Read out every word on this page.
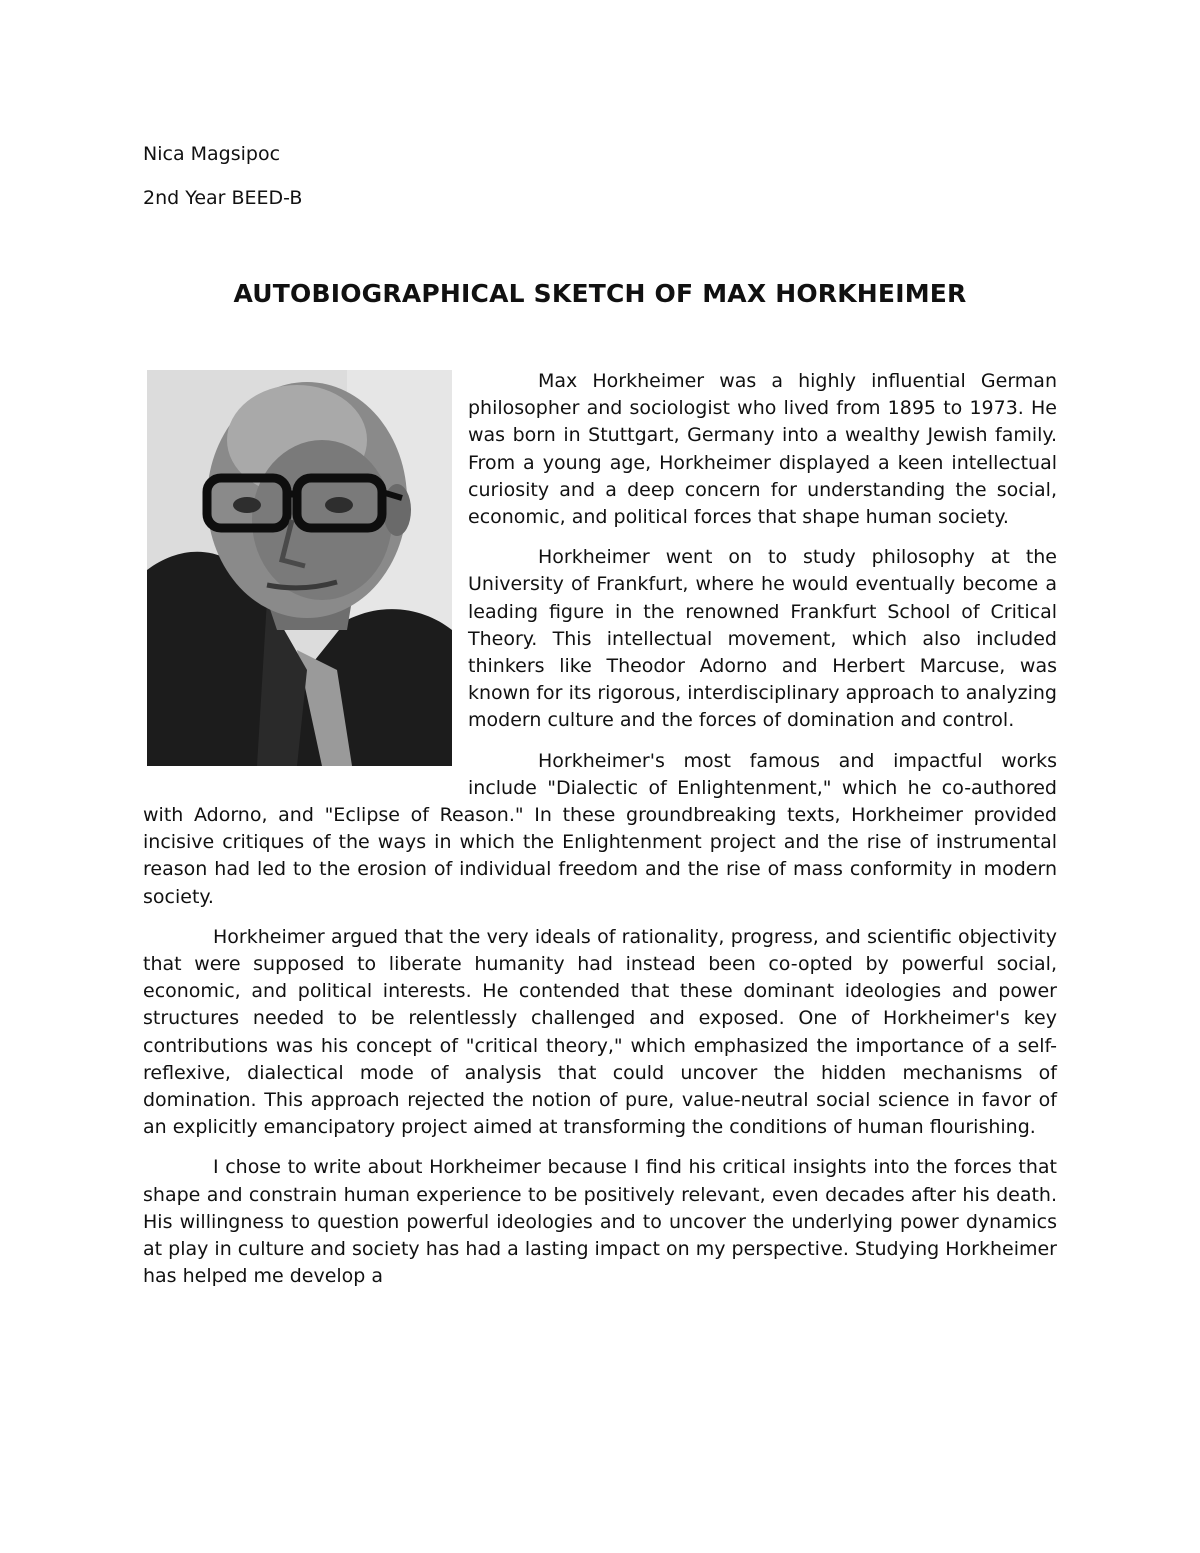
Nica Magsipoc
2nd Year BEED-B
AUTOBIOGRAPHICAL SKETCH OF MAX HORKHEIMER

Max Horkheimer was a highly influential German philosopher and sociologist who lived from 1895 to 1973. He was born in Stuttgart, Germany into a wealthy Jewish family. From a young age, Horkheimer displayed a keen intellectual curiosity and a deep concern for understanding the social, economic, and political forces that shape human society.

Horkheimer went on to study philosophy at the University of Frankfurt, where he would eventually become a leading figure in the renowned Frankfurt School of Critical Theory. This intellectual movement, which also included thinkers like Theodor Adorno and Herbert Marcuse, was known for its rigorous, interdisciplinary approach to analyzing modern culture and the forces of domination and control.

Horkheimer's most famous and impactful works include "Dialectic of Enlightenment," which he co-authored with Adorno, and "Eclipse of Reason." In these groundbreaking texts, Horkheimer provided incisive critiques of the ways in which the Enlightenment project and the rise of instrumental reason had led to the erosion of individual freedom and the rise of mass conformity in modern society.

Horkheimer argued that the very ideals of rationality, progress, and scientific objectivity that were supposed to liberate humanity had instead been co-opted by powerful social, economic, and political interests. He contended that these dominant ideologies and power structures needed to be relentlessly challenged and exposed. One of Horkheimer's key contributions was his concept of "critical theory," which emphasized the importance of a self-reflexive, dialectical mode of analysis that could uncover the hidden mechanisms of domination. This approach rejected the notion of pure, value-neutral social science in favor of an explicitly emancipatory project aimed at transforming the conditions of human flourishing.

I chose to write about Horkheimer because I find his critical insights into the forces that shape and constrain human experience to be positively relevant, even decades after his death. His willingness to question powerful ideologies and to uncover the underlying power dynamics at play in culture and society has had a lasting impact on my perspective. Studying Horkheimer has helped me develop a
